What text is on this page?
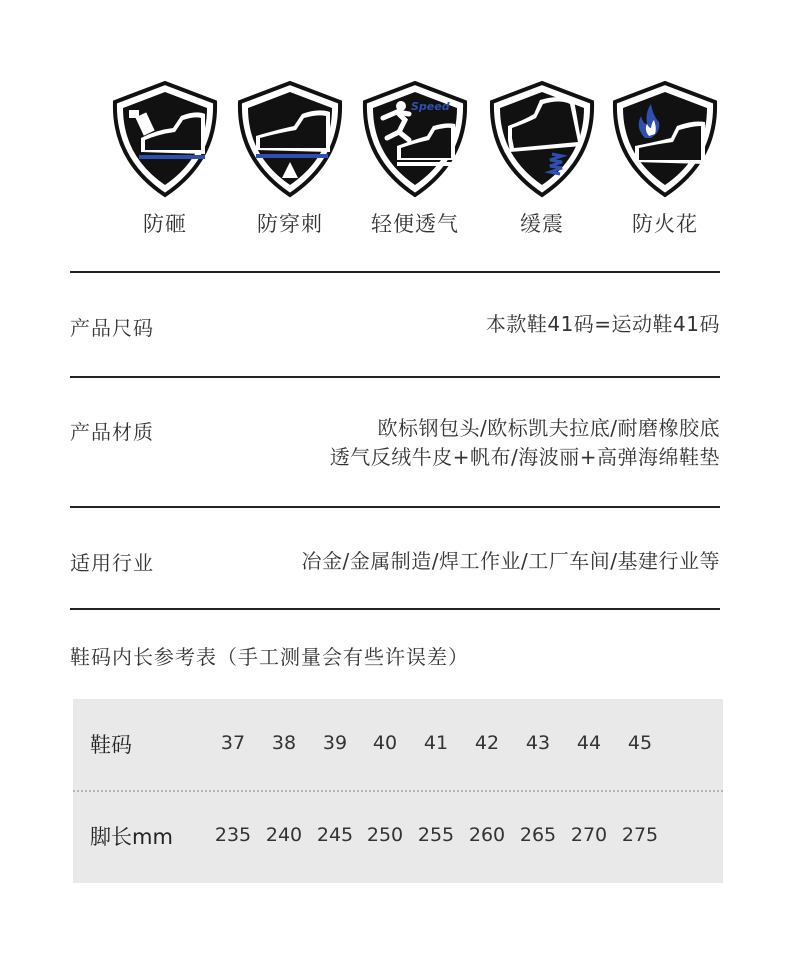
防砸	防穿刺
Speed
轻便透气	缓震	防火花
产品尺码	本款鞋41码=运动鞋41码
产品材质	欧标钢包头/欧标凯夫拉底/耐磨橡胶底
透气反绒牛皮+帆布/海波丽+高弹海绵鞋垫
适用行业	冶金/金属制造/焊工作业/工厂车间/基建行业等
鞋码内长参考表（手工测量会有些许误差）
鞋码	37	38	39	40	41	42	43	44	45
脚长mm	235 240 245 250 255 260 265 270 275
